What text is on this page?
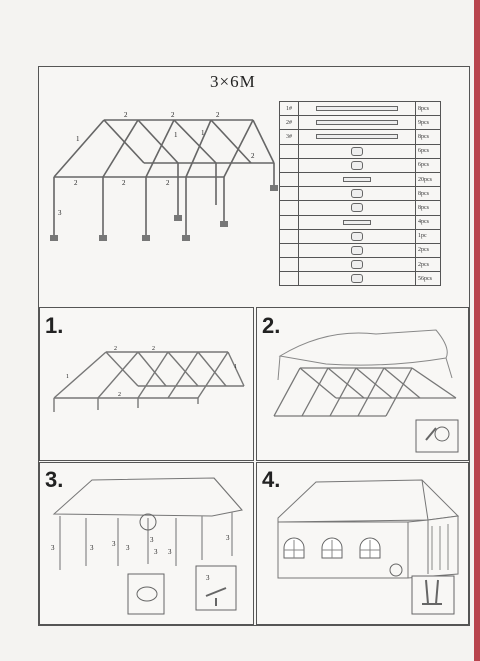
3×6M
2	2	2
1	1	1
2	2	2
3
2
1#		8pcs
2#		9pcs
3#		8pcs

	6pcs

	6pcs

	20pcs

	8pcs

	8pcs

	4pcs

	1pc

	2pcs

	2pcs

	56pcs
1.	2.
3.	4.
2	2
1
2
1
3	3	3 3
3
3 3
3
3
